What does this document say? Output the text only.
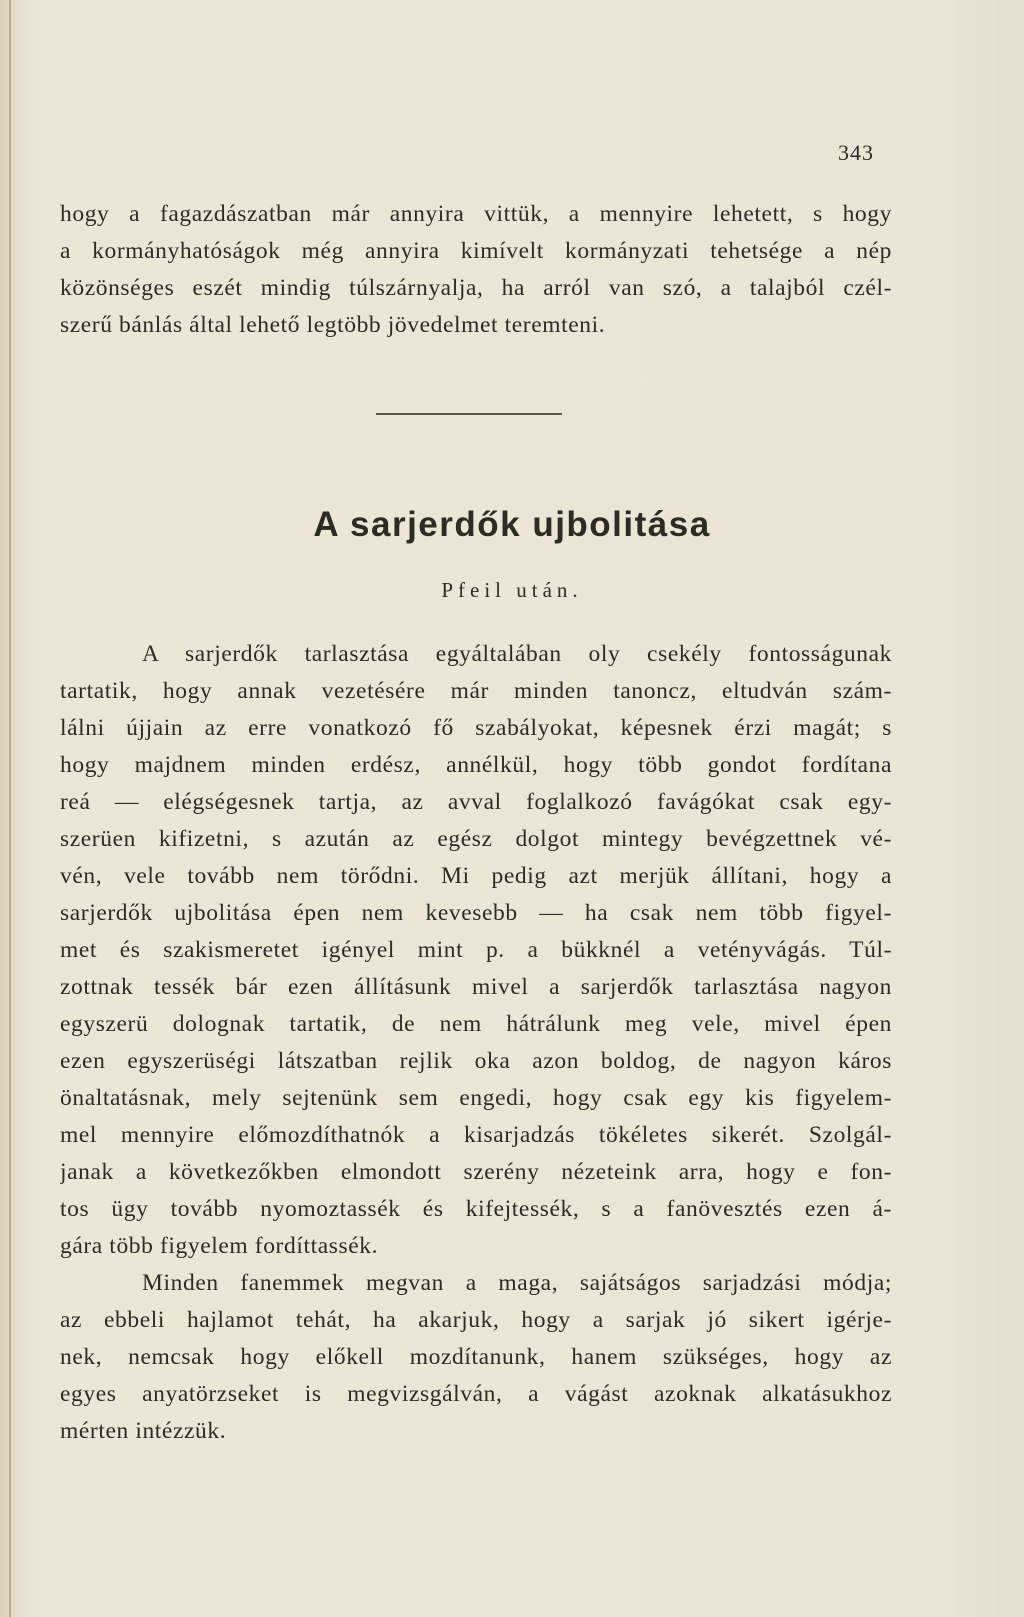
343
hogy a fagazdászatban már annyira vittük, a mennyire lehetett, s hogy
a kormányhatóságok még annyira kimívelt kormányzati tehetsége a nép
közönséges eszét mindig túlszárnyalja, ha arról van szó, a talajból czél-
szerű bánlás által lehető legtöbb jövedelmet teremteni.
A sarjerdők ujbolitása
Pfeil után.
A sarjerdők tarlasztása egyáltalában oly csekély fontosságunak
tartatik, hogy annak vezetésére már minden tanoncz, eltudván szám-
lálni újjain az erre vonatkozó fő szabályokat, képesnek érzi magát; s
hogy majdnem minden erdész, annélkül, hogy több gondot fordítana
reá — elégségesnek tartja, az avval foglalkozó favágókat csak egy-
szerüen kifizetni, s azután az egész dolgot mintegy bevégzettnek vé-
vén, vele tovább nem törődni. Mi pedig azt merjük állítani, hogy a
sarjerdők ujbolitása épen nem kevesebb — ha csak nem több figyel-
met és szakismeretet igényel mint p. a bükknél a vetényvágás. Túl-
zottnak tessék bár ezen állításunk mivel a sarjerdők tarlasztása nagyon
egyszerü dolognak tartatik, de nem hátrálunk meg vele, mivel épen
ezen egyszerüségi látszatban rejlik oka azon boldog, de nagyon káros
önaltatásnak, mely sejtenünk sem engedi, hogy csak egy kis figyelem-
mel mennyire előmozdíthatnók a kisarjadzás tökéletes sikerét. Szolgál-
janak a következőkben elmondott szerény nézeteink arra, hogy e fon-
tos ügy tovább nyomoztassék és kifejtessék, s a fanövesztés ezen á-
gára több figyelem fordíttassék.
Minden fanemmek megvan a maga, sajátságos sarjadzási módja;
az ebbeli hajlamot tehát, ha akarjuk, hogy a sarjak jó sikert igérje-
nek, nemcsak hogy előkell mozdítanunk, hanem szükséges, hogy az
egyes anyatörzseket is megvizsgálván, a vágást azoknak alkatásukhoz
mérten intézzük.
